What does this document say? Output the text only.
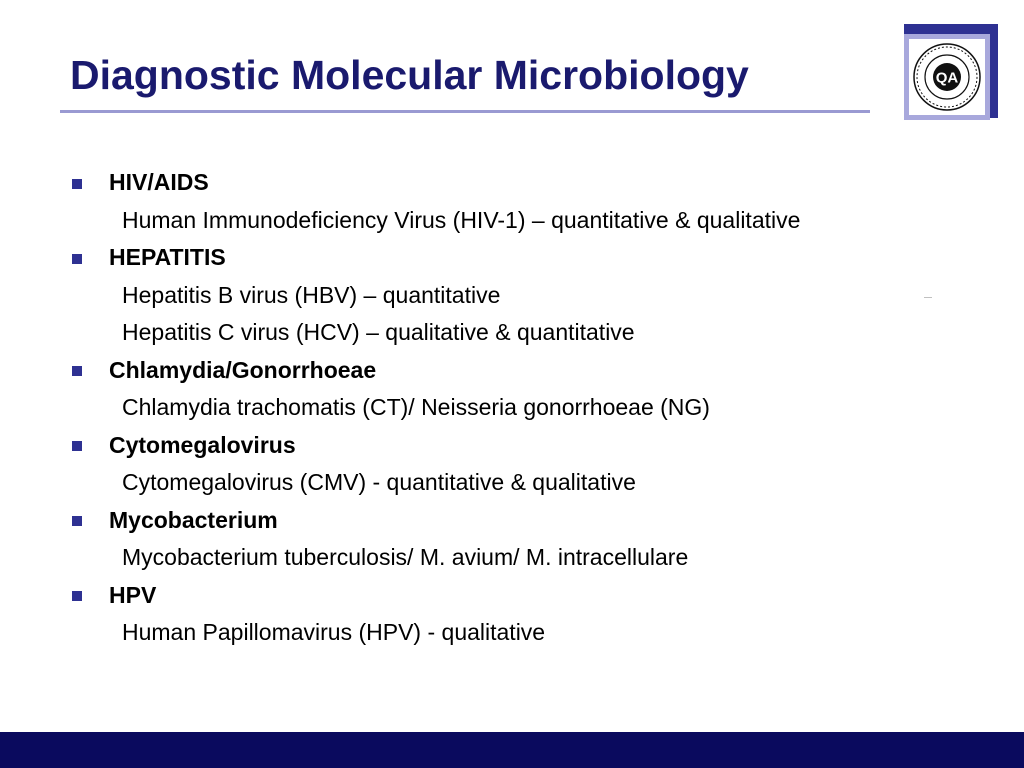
Diagnostic Molecular Microbiology	QA
HIV/AIDS
Human Immunodeficiency Virus (HIV-1) – quantitative & qualitative
HEPATITIS
Hepatitis B virus (HBV) – quantitative
Hepatitis C virus (HCV) – qualitative & quantitative
Chlamydia/Gonorrhoeae
Chlamydia trachomatis (CT)/ Neisseria gonorrhoeae (NG)
Cytomegalovirus
Cytomegalovirus (CMV) - quantitative & qualitative
Mycobacterium
Mycobacterium tuberculosis/ M. avium/ M. intracellulare
HPV
Human Papillomavirus (HPV) - qualitative
